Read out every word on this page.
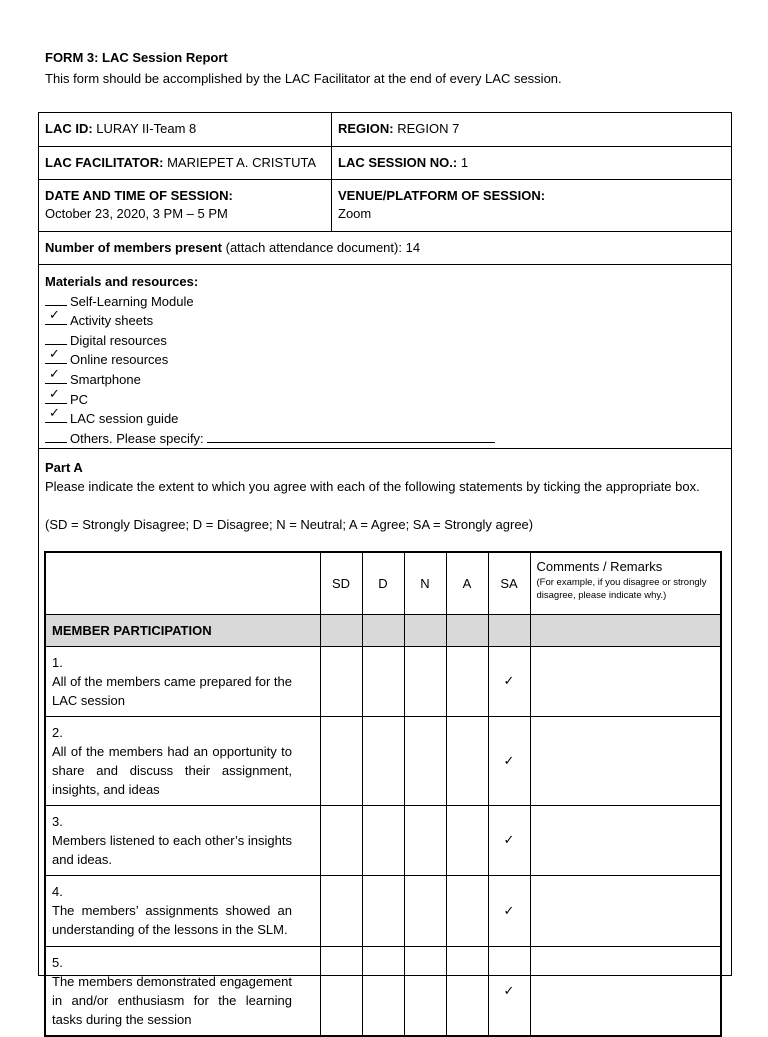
FORM 3: LAC Session Report
This form should be accomplished by the LAC Facilitator at the end of every LAC session.
LAC ID: LURAY II-Team 8	REGION: REGION 7
LAC FACILITATOR: MARIEPET A. CRISTUTA	LAC SESSION NO.: 1
DATE AND TIME OF SESSION:
October 23, 2020, 3 PM – 5 PM
VENUE/PLATFORM OF SESSION:
Zoom
Number of members present (attach attendance document): 14
Materials and resources:

Self-Learning Module
✓ Activity sheets
Digital resources
✓ Online resources
✓ Smartphone
✓ PC
✓ LAC session guide
Others. Please specify:
Part A
Please indicate the extent to which you agree with each of the following statements by ticking the appropriate box.

(SD = Strongly Disagree; D = Disagree; N = Neutral; A = Agree; SA = Strongly agree)
	SD	D	N	A	SA	Comments / Remarks
(For example, if you disagree or strongly disagree, please indicate why.)

MEMBER PARTICIPATION						
1.All of the members came prepared for the LAC session					✓	
2.All of the members had an opportunity to share and discuss their assignment, insights, and ideas					✓	
3.Members listened to each other’s insights and ideas.					✓	
4.The members’ assignments showed an understanding of the lessons in the SLM.					✓	
5.The members demonstrated engagement in and/or enthusiasm for the learning tasks during the session					✓	
